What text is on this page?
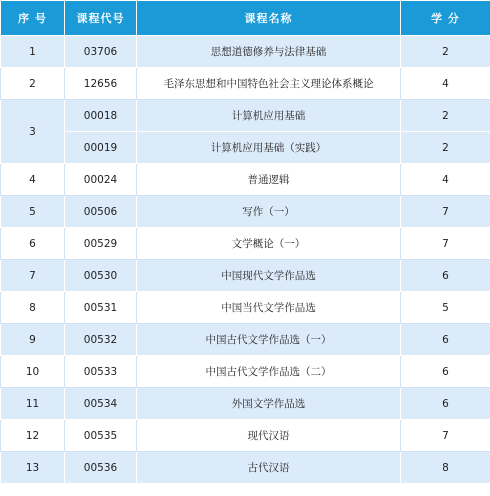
序 号	课程代号	课程名称	学 分
1	03706	思想道德修养与法律基础	2
2	12656	毛泽东思想和中国特色社会主义理论体系概论	4
3	00018	计算机应用基础	2
	00019	计算机应用基础（实践）	2
4	00024	普通逻辑	4
5	00506	写作（一）	7
6	00529	文学概论（一）	7
7	00530	中国现代文学作品选	6
8	00531	中国当代文学作品选	5
9	00532	中国古代文学作品选（一）	6
10	00533	中国古代文学作品选（二）	6
11	00534	外国文学作品选	6
12	00535	现代汉语	7
13	00536	古代汉语	8
